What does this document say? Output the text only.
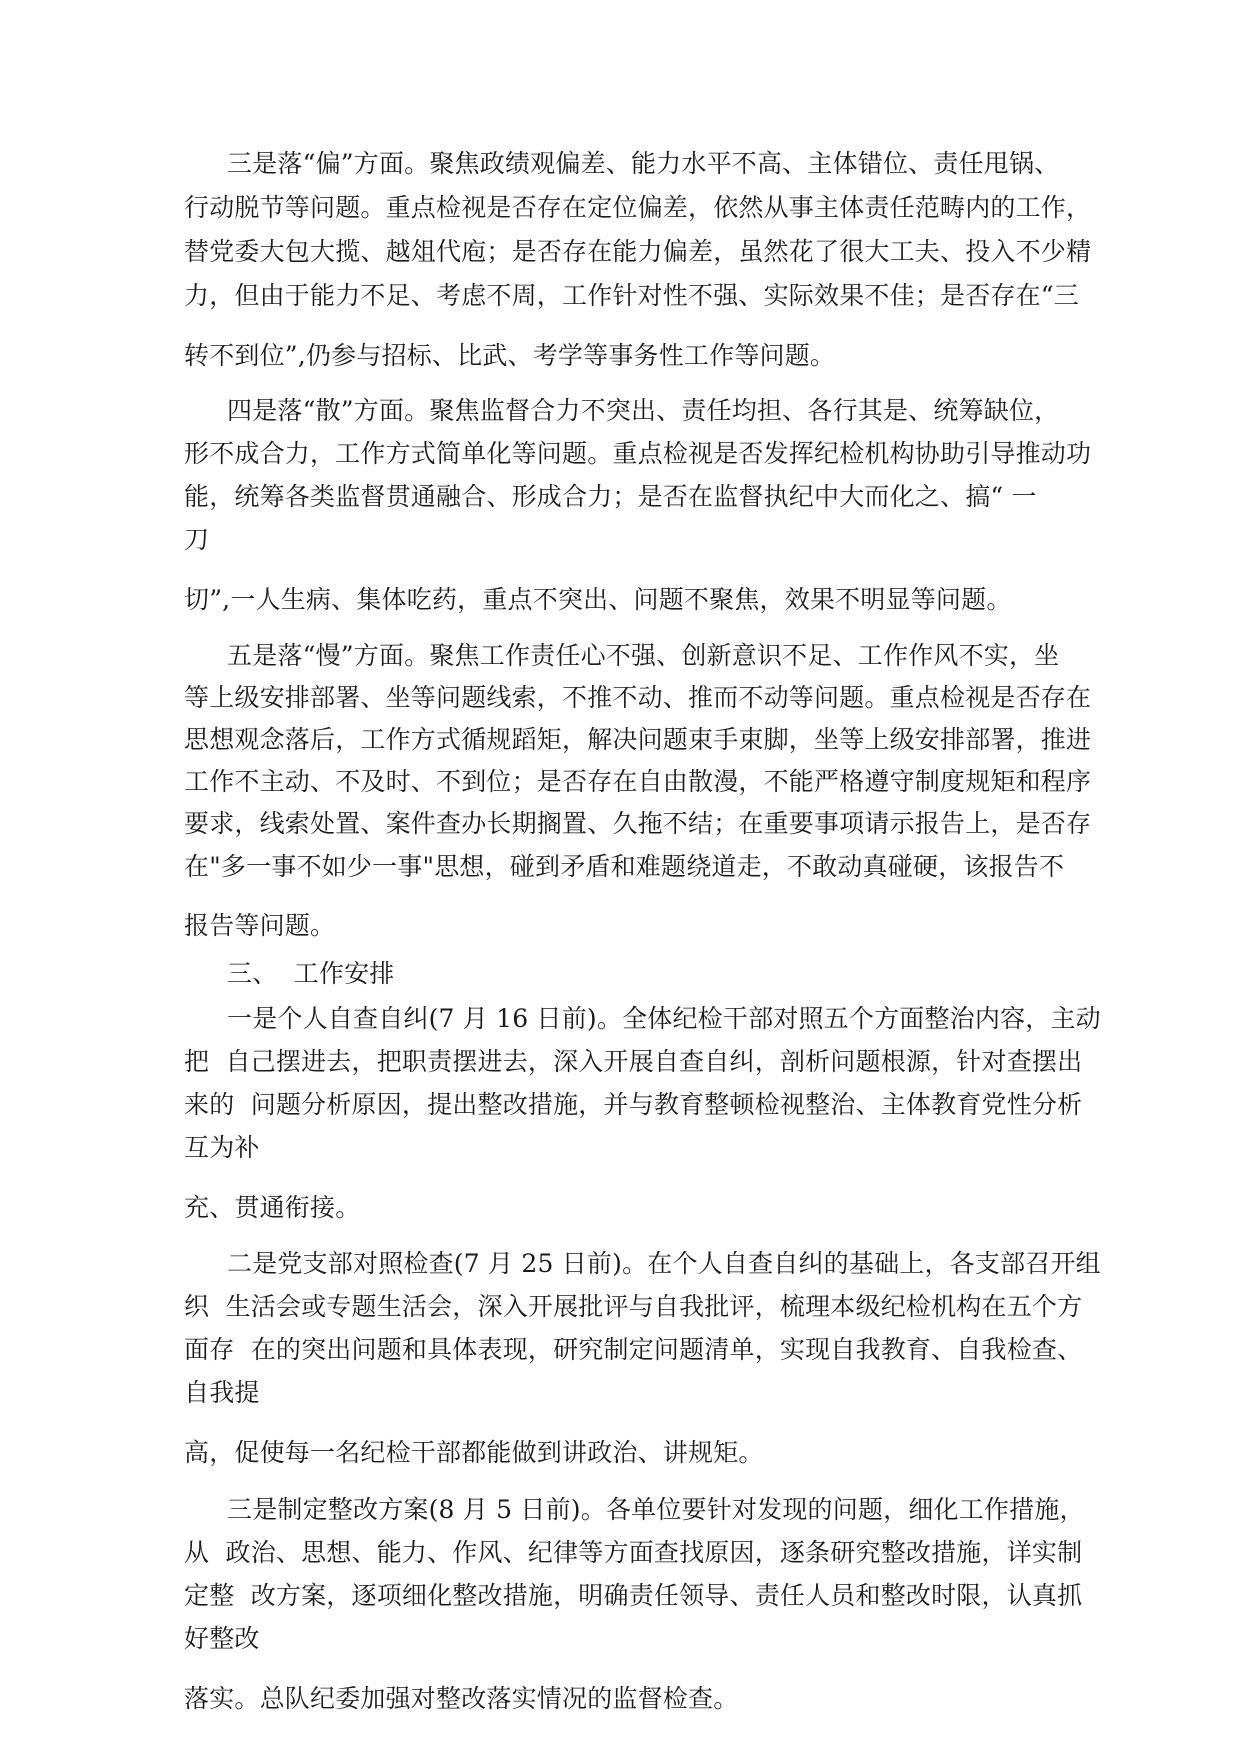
三是落“偏”方面。聚焦政绩观偏差、能力水平不高、主体错位、责任甩锅、
行动脱节等问题。重点检视是否存在定位偏差，依然从事主体责任范畴内的工作，
替党委大包大揽、越俎代庖；是否存在能力偏差，虽然花了很大工夫、投入不少精
力，但由于能力不足、考虑不周，工作针对性不强、实际效果不佳；是否存在“三
转不到位”,仍参与招标、比武、考学等事务性工作等问题。
四是落“散”方面。聚焦监督合力不突出、责任均担、各行其是、统筹缺位，
形不成合力，工作方式简单化等问题。重点检视是否发挥纪检机构协助引导推动功
能，统筹各类监督贯通融合、形成合力；是否在监督执纪中大而化之、搞“ 一
刀
切”,一人生病、集体吃药，重点不突出、问题不聚焦，效果不明显等问题。
五是落“慢”方面。聚焦工作责任心不强、创新意识不足、工作作风不实，坐
等上级安排部署、坐等问题线索，不推不动、推而不动等问题。重点检视是否存在
思想观念落后，工作方式循规蹈矩，解决问题束手束脚，坐等上级安排部署，推进
工作不主动、不及时、不到位；是否存在自由散漫，不能严格遵守制度规矩和程序
要求，线索处置、案件查办长期搁置、久拖不结；在重要事项请示报告上，是否存
在"多一事不如少一事"思想，碰到矛盾和难题绕道走，不敢动真碰硬，该报告不
报告等问题。
三、  工作安排
一是个人自查自纠(7 月 16 日前)。全体纪检干部对照五个方面整治内容，主动
把  自己摆进去，把职责摆进去，深入开展自查自纠，剖析问题根源，针对查摆出
来的  问题分析原因，提出整改措施，并与教育整顿检视整治、主体教育党性分析
互为补
充、贯通衔接。
二是党支部对照检查(7 月 25 日前)。在个人自查自纠的基础上，各支部召开组
织  生活会或专题生活会，深入开展批评与自我批评，梳理本级纪检机构在五个方
面存  在的突出问题和具体表现，研究制定问题清单，实现自我教育、自我检查、
自我提
高，促使每一名纪检干部都能做到讲政治、讲规矩。
三是制定整改方案(8 月 5 日前)。各单位要针对发现的问题，细化工作措施，
从  政治、思想、能力、作风、纪律等方面查找原因，逐条研究整改措施，详实制
定整  改方案，逐项细化整改措施，明确责任领导、责任人员和整改时限，认真抓
好整改
落实。总队纪委加强对整改落实情况的监督检查。
